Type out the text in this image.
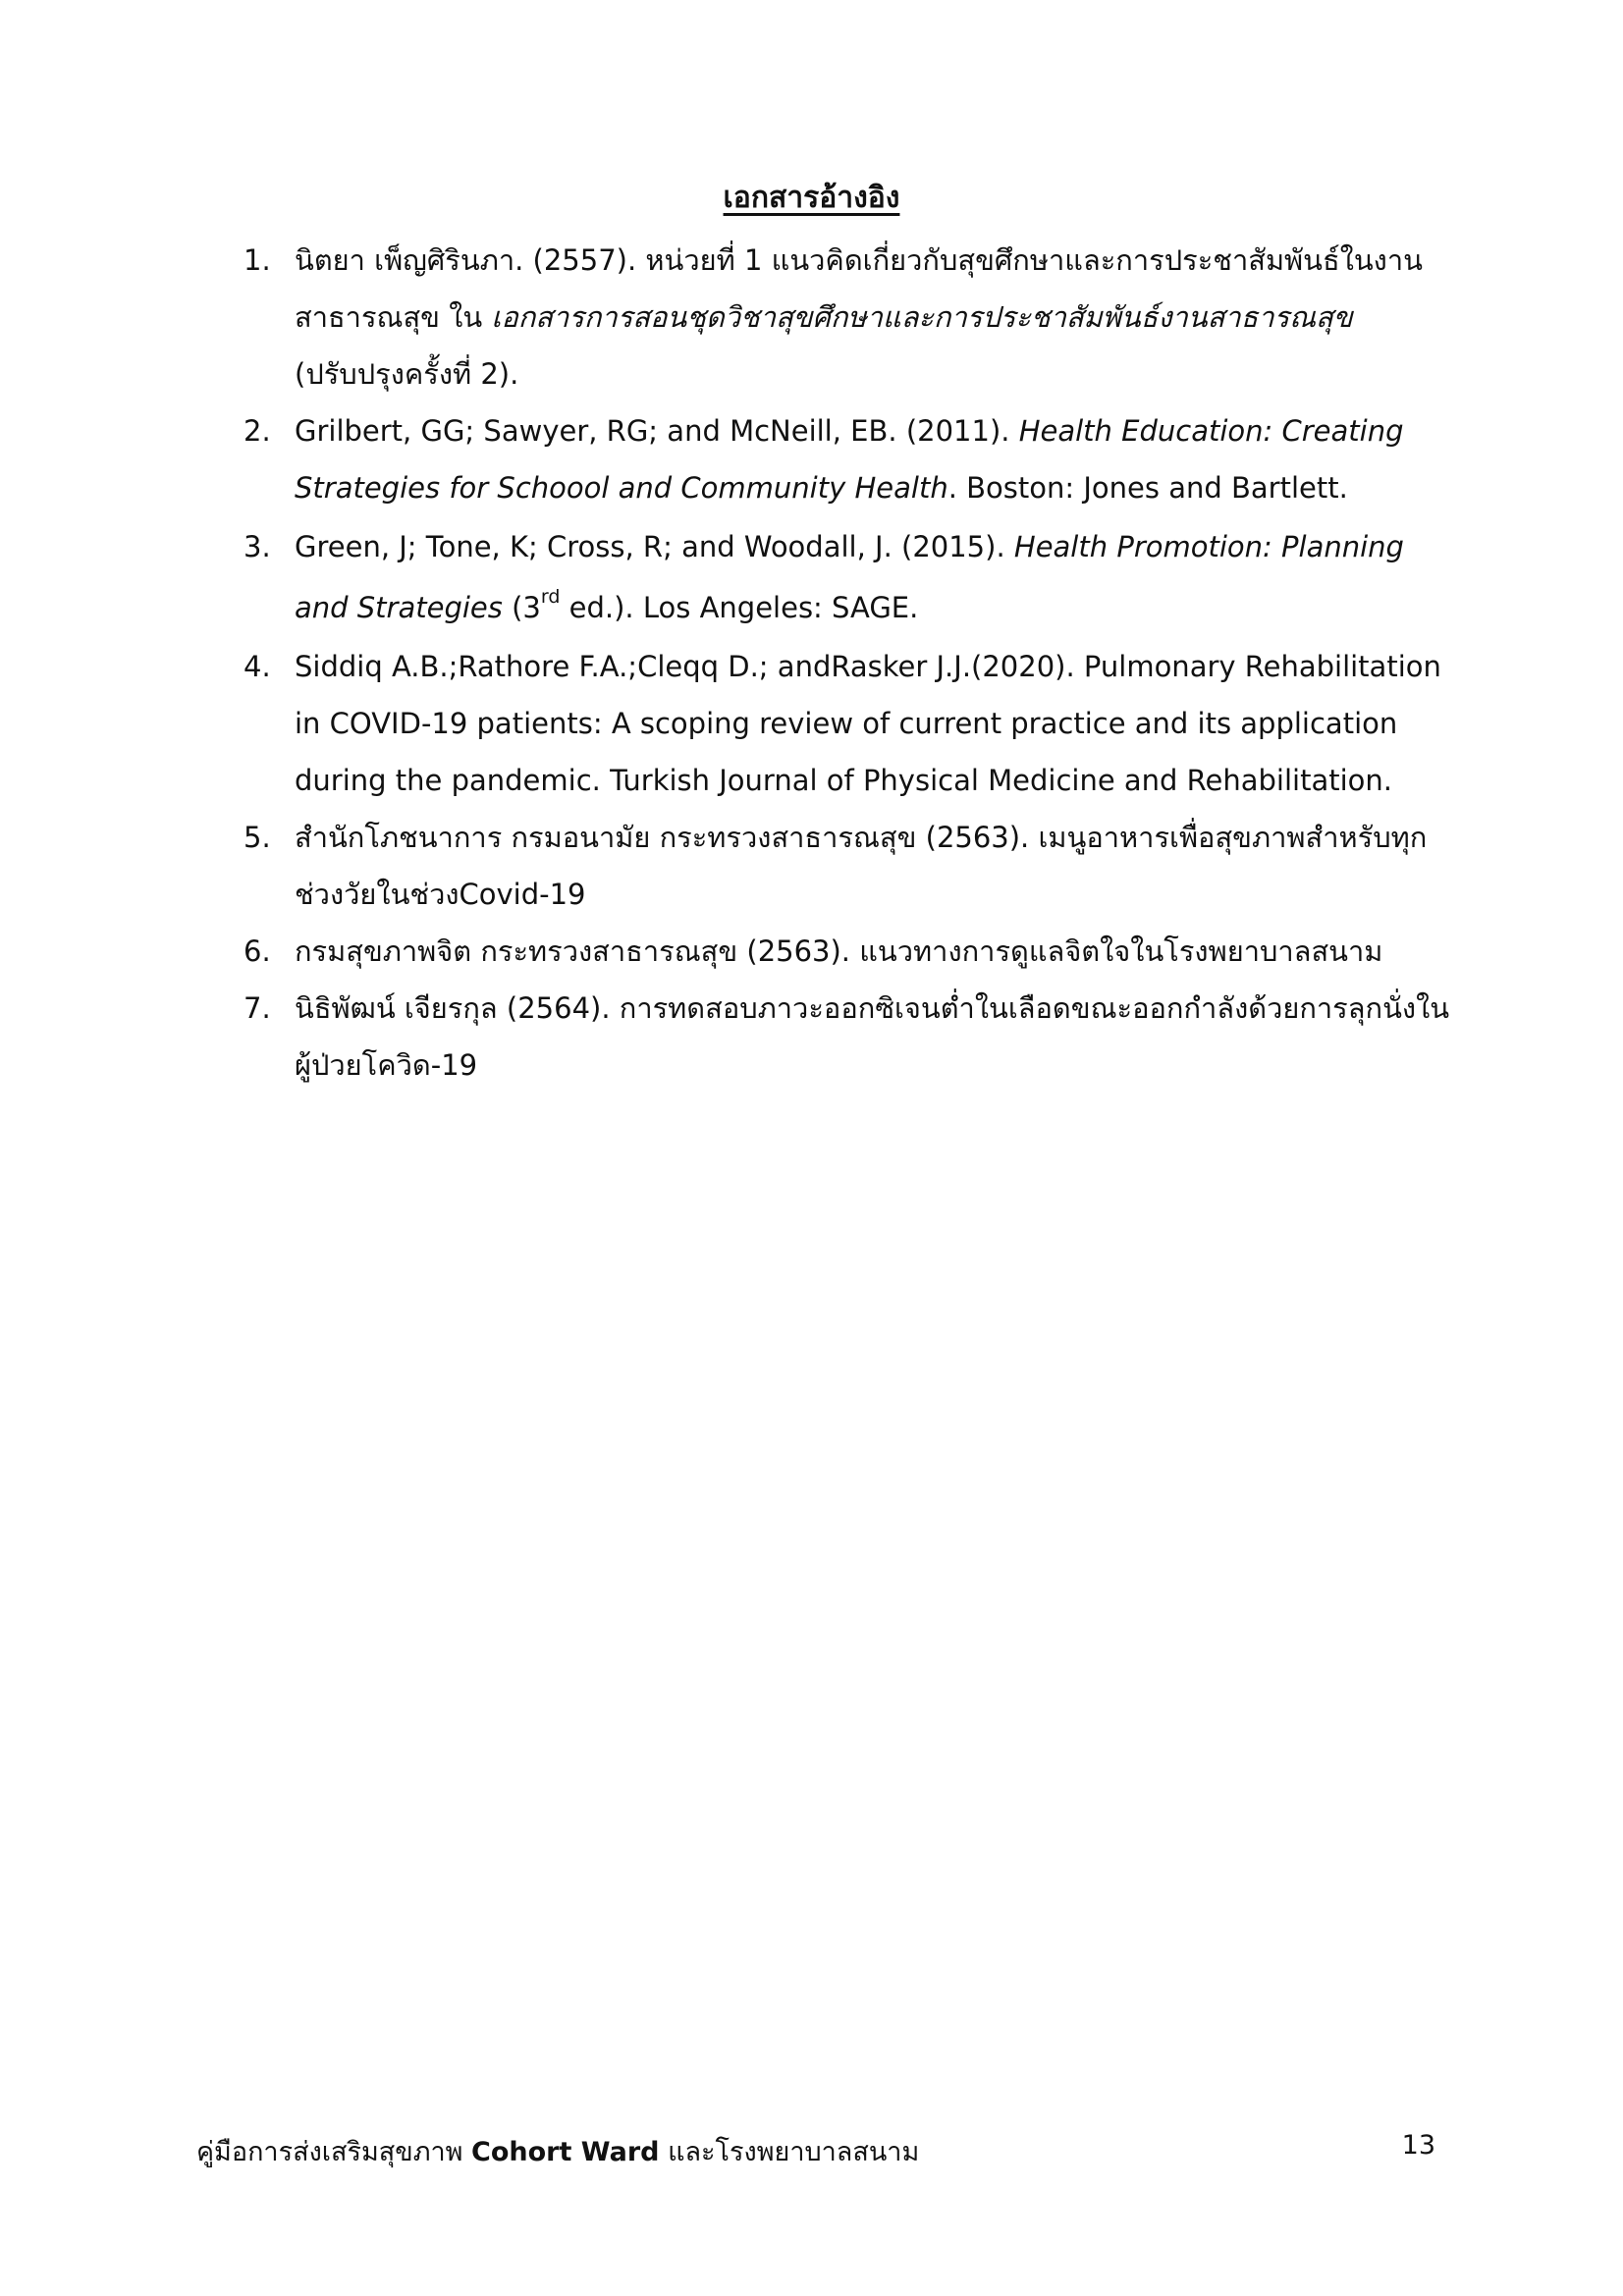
เอกสารอ้างอิง
1. นิตยา เพ็ญศิรินภา. (2557). หน่วยที่ 1 แนวคิดเกี่ยวกับสุขศึกษาและการประชาสัมพันธ์ในงานสาธารณสุข ใน เอกสารการสอนชุดวิชาสุขศึกษาและการประชาสัมพันธ์งานสาธารณสุข (ปรับปรุงครั้งที่ 2).
2. Grilbert, GG; Sawyer, RG; and McNeill, EB. (2011). Health Education: Creating Strategies for Schoool and Community Health. Boston: Jones and Bartlett.
3. Green, J; Tone, K; Cross, R; and Woodall, J. (2015). Health Promotion: Planning and Strategies (3rd ed.). Los Angeles: SAGE.
4. Siddiq A.B.;Rathore F.A.;Cleqq D.; andRasker J.J.(2020). Pulmonary Rehabilitation in COVID-19 patients: A scoping review of current practice and its application during the pandemic. Turkish Journal of Physical Medicine and Rehabilitation.
5. สำนักโภชนาการ กรมอนามัย กระทรวงสาธารณสุข (2563). เมนูอาหารเพื่อสุขภาพสำหรับทุกช่วงวัยในช่วงCovid-19
6. กรมสุขภาพจิต กระทรวงสาธารณสุข (2563). แนวทางการดูแลจิตใจในโรงพยาบาลสนาม
7. นิธิพัฒน์ เจียรกุล (2564). การทดสอบภาวะออกซิเจนต่ำในเลือดขณะออกกำลังด้วยการลุกนั่งในผู้ป่วยโควิด-19
คู่มือการส่งเสริมสุขภาพ Cohort Ward และโรงพยาบาลสนาม	13
